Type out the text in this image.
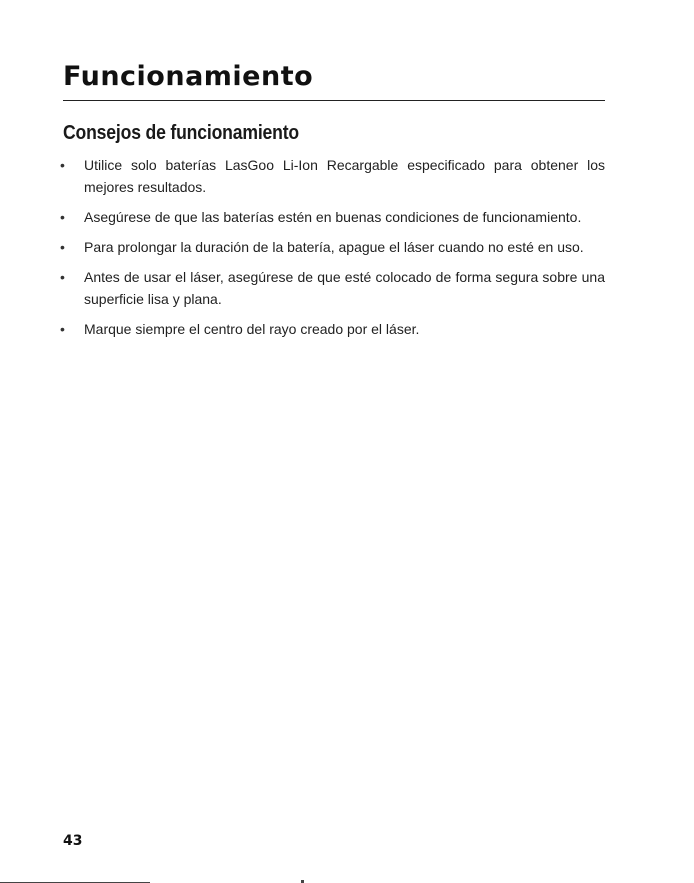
Funcionamiento
Consejos de funcionamiento
• Utilice solo baterías LasGoo Li-Ion Recargable especificado para obtener los mejores resultados.
• Asegúrese de que las baterías estén en buenas condiciones de funcionamiento.
• Para prolongar la duración de la batería, apague el láser cuando no esté en uso.
• Antes de usar el láser, asegúrese de que esté colocado de forma segura sobre una superficie lisa y plana.
• Marque siempre el centro del rayo creado por el láser.
43
